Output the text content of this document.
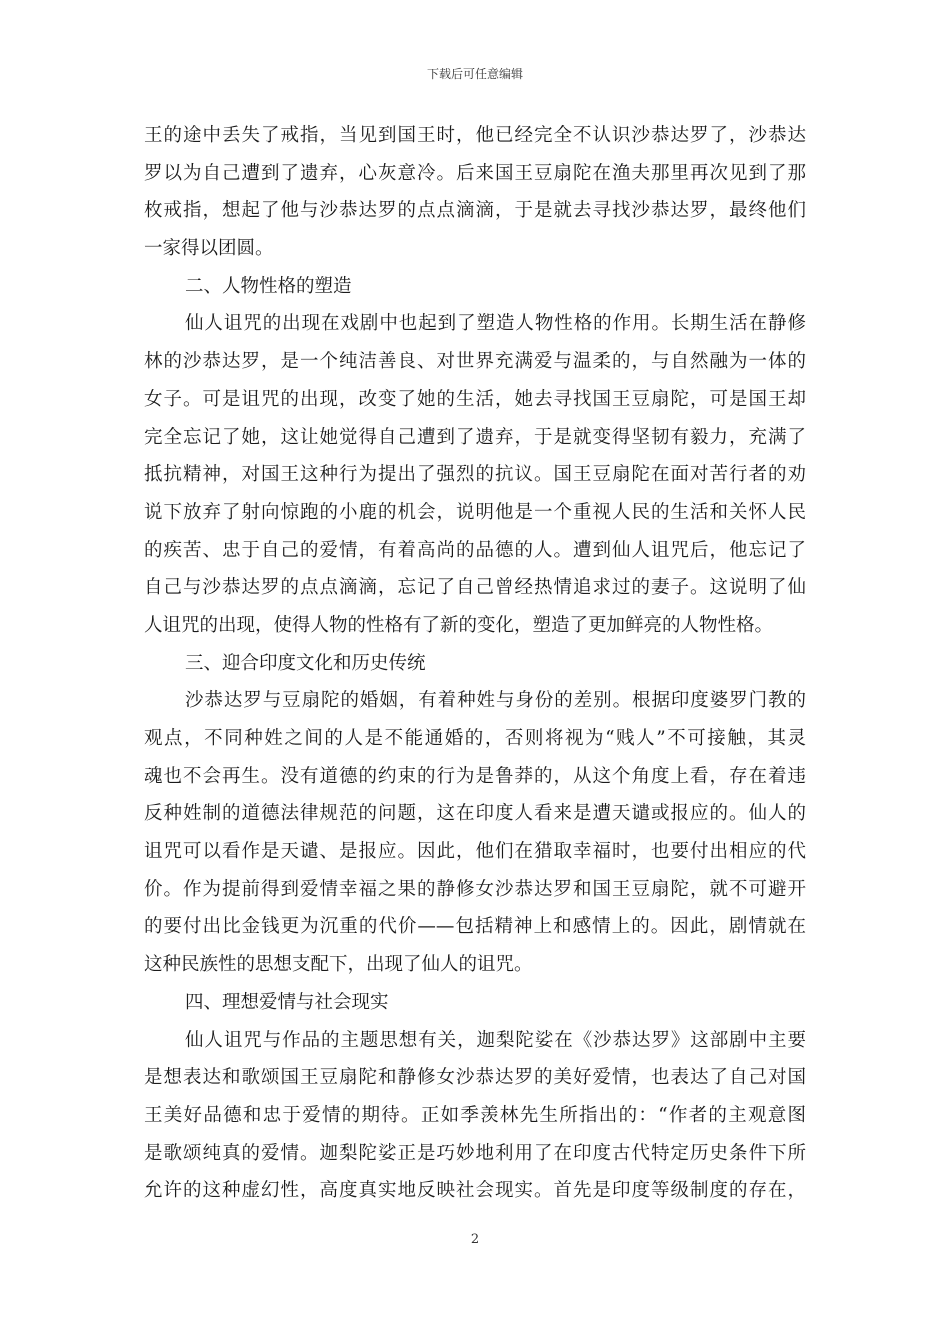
下载后可任意编辑
王的途中丢失了戒指，当见到国王时，他已经完全不认识沙恭达罗了，沙恭达
罗以为自己遭到了遗弃，心灰意冷。后来国王豆扇陀在渔夫那里再次见到了那
枚戒指，想起了他与沙恭达罗的点点滴滴，于是就去寻找沙恭达罗，最终他们
一家得以团圆。
二、人物性格的塑造
仙人诅咒的出现在戏剧中也起到了塑造人物性格的作用。长期生活在静修
林的沙恭达罗，是一个纯洁善良、对世界充满爱与温柔的，与自然融为一体的
女子。可是诅咒的出现，改变了她的生活，她去寻找国王豆扇陀，可是国王却
完全忘记了她，这让她觉得自己遭到了遗弃，于是就变得坚韧有毅力，充满了
抵抗精神，对国王这种行为提出了强烈的抗议。国王豆扇陀在面对苦行者的劝
说下放弃了射向惊跑的小鹿的机会，说明他是一个重视人民的生活和关怀人民
的疾苦、忠于自己的爱情，有着高尚的品德的人。遭到仙人诅咒后，他忘记了
自己与沙恭达罗的点点滴滴，忘记了自己曾经热情追求过的妻子。这说明了仙
人诅咒的出现，使得人物的性格有了新的变化，塑造了更加鲜亮的人物性格。
三、迎合印度文化和历史传统
沙恭达罗与豆扇陀的婚姻，有着种姓与身份的差别。根据印度婆罗门教的
观点，不同种姓之间的人是不能通婚的，否则将视为“贱人”不可接触，其灵
魂也不会再生。没有道德的约束的行为是鲁莽的，从这个角度上看，存在着违
反种姓制的道德法律规范的问题，这在印度人看来是遭天谴或报应的。仙人的
诅咒可以看作是天谴、是报应。因此，他们在猎取幸福时，也要付出相应的代
价。作为提前得到爱情幸福之果的静修女沙恭达罗和国王豆扇陀，就不可避开
的要付出比金钱更为沉重的代价——包括精神上和感情上的。因此，剧情就在
这种民族性的思想支配下，出现了仙人的诅咒。
四、理想爱情与社会现实
仙人诅咒与作品的主题思想有关，迦梨陀娑在《沙恭达罗》这部剧中主要
是想表达和歌颂国王豆扇陀和静修女沙恭达罗的美好爱情，也表达了自己对国
王美好品德和忠于爱情的期待。正如季羡林先生所指出的：“作者的主观意图
是歌颂纯真的爱情。迦梨陀娑正是巧妙地利用了在印度古代特定历史条件下所
允许的这种虚幻性，高度真实地反映社会现实。首先是印度等级制度的存在，
2
